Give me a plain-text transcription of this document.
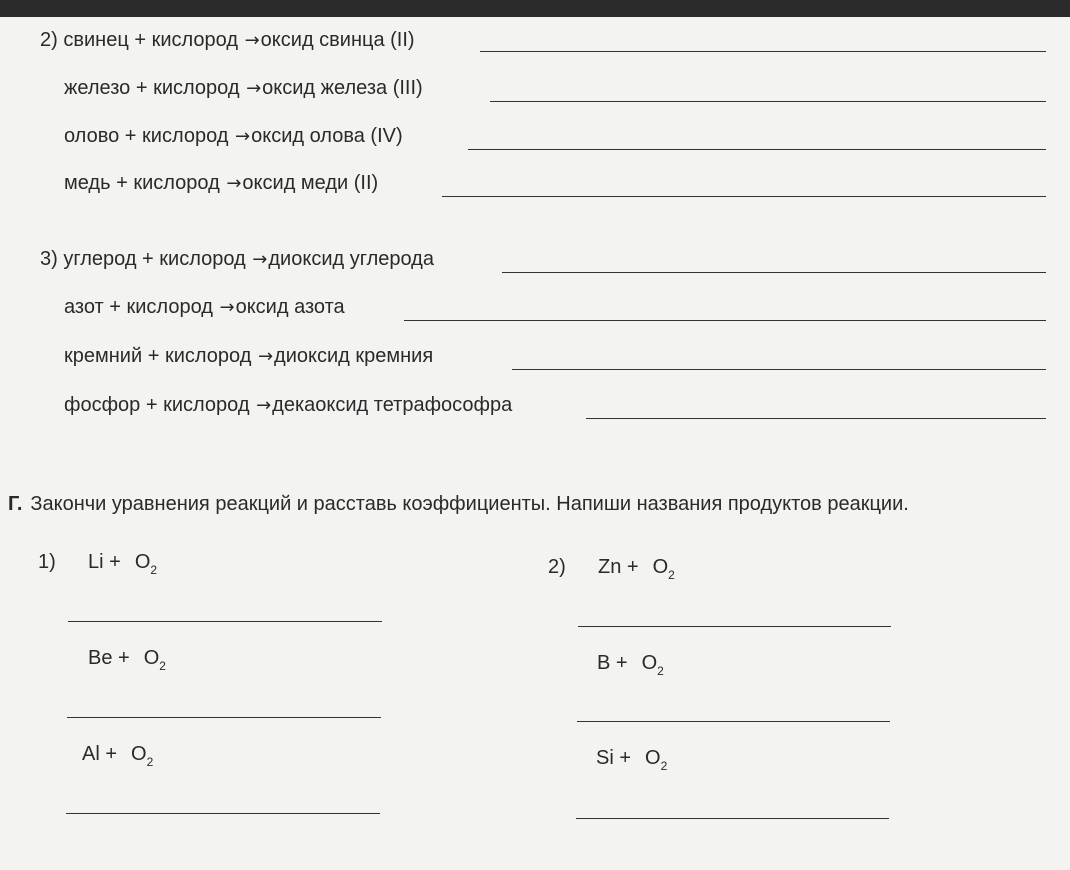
2) свинец + кислород →оксид свинца (II)
железо + кислород →оксид железа (III)
олово + кислород →оксид олова (IV)
медь + кислород →оксид меди (II)
3) углерод + кислород →диоксид углерода
азот + кислород →оксид азота
кремний + кислород →диоксид кремния
фосфор + кислород →декаоксид тетрафософра
Г. Закончи уравнения реакций и расставь коэффициенты. Напиши названия продуктов реакции.
1) $Li + O_2$
$Be + O_2$
$Al + O_2$
2) $Zn + O_2$
$B + O_2$
$Si + O_2$
